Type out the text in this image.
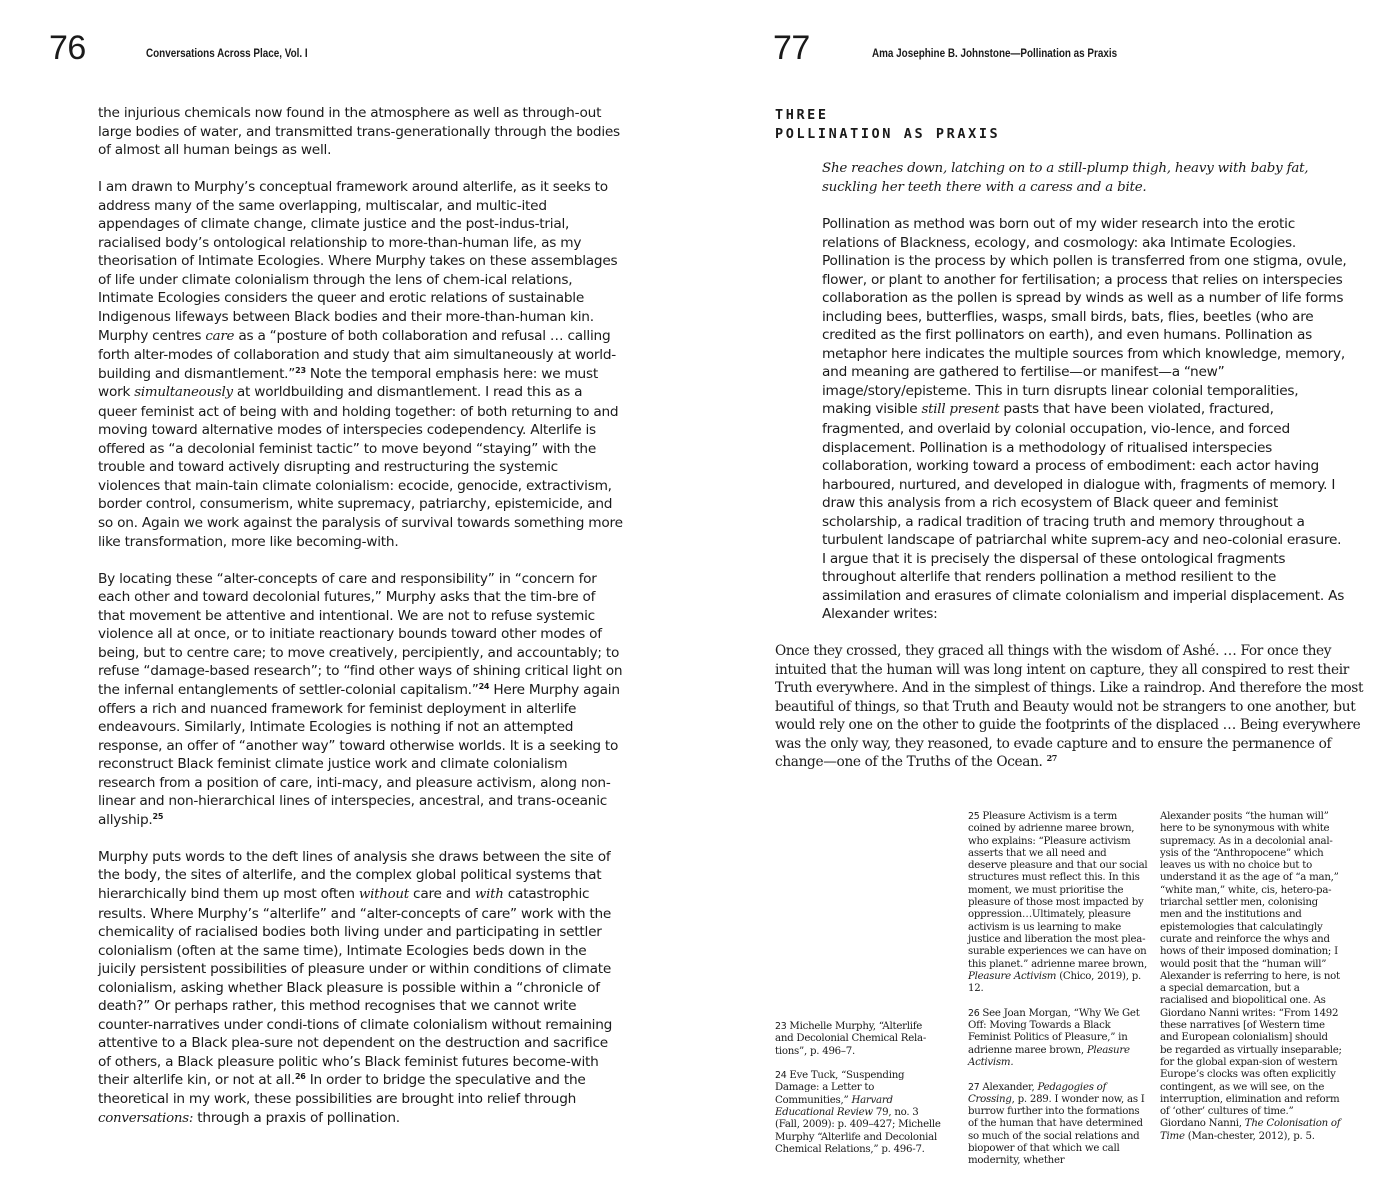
76	Conversations Across Place, Vol. I

the injurious chemicals now found in the atmosphere as well as through-out large bodies of water, and transmitted trans-generationally through the bodies of almost all human beings as well.

I am drawn to Murphy’s conceptual framework around alterlife, as it seeks to address many of the same overlapping, multiscalar, and multic-ited appendages of climate change, climate justice and the post-indus-trial, racialised body’s ontological relationship to more-than-human life, as my theorisation of Intimate Ecologies. Where Murphy takes on these assemblages of life under climate colonialism through the lens of chem-ical relations, Intimate Ecologies considers the queer and erotic relations of sustainable Indigenous lifeways between Black bodies and their more-than-human kin. Murphy centres care as a “posture of both collaboration and refusal … calling forth alter-modes of collaboration and study that aim simultaneously at world-building and dismantlement.”$^{23}$ Note the temporal emphasis here: we must work simultaneously at worldbuilding and dismantlement. I read this as a queer feminist act of being with and holding together: of both returning to and moving toward alternative modes of interspecies codependency. Alterlife is offered as “a decolonial feminist tactic” to move beyond “staying” with the trouble and toward actively disrupting and restructuring the systemic violences that main-tain climate colonialism: ecocide, genocide, extractivism, border control, consumerism, white supremacy, patriarchy, epistemicide, and so on. Again we work against the paralysis of survival towards something more like transformation, more like becoming-with.

By locating these “alter-concepts of care and responsibility” in “concern for each other and toward decolonial futures,” Murphy asks that the tim-bre of that movement be attentive and intentional. We are not to refuse systemic violence all at once, or to initiate reactionary bounds toward other modes of being, but to centre care; to move creatively, percipiently, and accountably; to refuse “damage-based research”; to “find other ways of shining critical light on the infernal entanglements of settler-colonial capitalism.”$^{24}$ Here Murphy again offers a rich and nuanced framework for feminist deployment in alterlife endeavours. Similarly, Intimate Ecologies is nothing if not an attempted response, an offer of “another way” toward otherwise worlds. It is a seeking to reconstruct Black feminist climate justice work and climate colonialism research from a position of care, inti-macy, and pleasure activism, along non-linear and non-hierarchical lines of interspecies, ancestral, and trans-oceanic allyship.$^{25}$

Murphy puts words to the deft lines of analysis she draws between the site of the body, the sites of alterlife, and the complex global political systems that hierarchically bind them up most often without care and with catastrophic results. Where Murphy’s “alterlife” and “alter-concepts of care” work with the chemicality of racialised bodies both living under and participating in settler colonialism (often at the same time), Intimate Ecologies beds down in the juicily persistent possibilities of pleasure under or within conditions of climate colonialism, asking whether Black pleasure is possible within a “chronicle of death?” Or perhaps rather, this method recognises that we cannot write counter-narratives under condi-tions of climate colonialism without remaining attentive to a Black plea-sure not dependent on the destruction and sacrifice of others, a Black pleasure politic who’s Black feminist futures become-with their alterlife kin, or not at all.$^{26}$ In order to bridge the speculative and the theoretical in my work, these possibilities are brought into relief through conversations: through a praxis of pollination.

77	Ama Josephine B. Johnstone—Pollination as Praxis
THREE
POLLINATION AS PRAXIS

She reaches down, latching on to a still-plump thigh, heavy with baby fat, suckling her teeth there with a caress and a bite.

Pollination as method was born out of my wider research into the erotic relations of Blackness, ecology, and cosmology: aka Intimate Ecologies. Pollination is the process by which pollen is transferred from one stigma, ovule, flower, or plant to another for fertilisation; a process that relies on interspecies collaboration as the pollen is spread by winds as well as a number of life forms including bees, butterflies, wasps, small birds, bats, flies, beetles (who are credited as the first pollinators on earth), and even humans. Pollination as metaphor here indicates the multiple sources from which knowledge, memory, and meaning are gathered to fertilise—or manifest—a “new” image/story/episteme. This in turn disrupts linear colonial temporalities, making visible still present pasts that have been violated, fractured, fragmented, and overlaid by colonial occupation, vio-lence, and forced displacement. Pollination is a methodology of ritualised interspecies collaboration, working toward a process of embodiment: each actor having harboured, nurtured, and developed in dialogue with, fragments of memory. I draw this analysis from a rich ecosystem of Black queer and feminist scholarship, a radical tradition of tracing truth and memory throughout a turbulent landscape of patriarchal white suprem-acy and neo-colonial erasure. I argue that it is precisely the dispersal of these ontological fragments throughout alterlife that renders pollination a method resilient to the assimilation and erasures of climate colonialism and imperial displacement. As Alexander writes:

Once they crossed, they graced all things with the wisdom of Ashé. … For once they intuited that the human will was long intent on capture, they all conspired to rest their Truth everywhere. And in the simplest of things. Like a raindrop. And therefore the most beautiful of things, so that Truth and Beauty would not be strangers to one another, but would rely one on the other to guide the footprints of the displaced … Being everywhere was the only way, they reasoned, to evade capture and to ensure the permanence of change—one of the Truths of the Ocean. $^{27}$

23 Michelle Murphy, “Alterlife and Decolonial Chemical Rela-tions”, p. 496–7.

24 Eve Tuck, “Suspending Damage: a Letter to Communities,” Harvard Educational Review 79, no. 3 (Fall, 2009): p. 409–427; Michelle Murphy “Alterlife and Decolonial Chemical Relations,” p. 496-7.

25 Pleasure Activism is a term coined by adrienne maree brown, who explains: “Pleasure activism asserts that we all need and deserve pleasure and that our social structures must reflect this. In this moment, we must prioritise the pleasure of those most impacted by oppression…Ultimately, pleasure activism is us learning to make justice and liberation the most plea-surable experiences we can have on this planet.” adrienne maree brown, Pleasure Activism (Chico, 2019), p. 12.

26 See Joan Morgan, “Why We Get Off: Moving Towards a Black Feminist Politics of Pleasure,” in adrienne maree brown, Pleasure Activism.

27 Alexander, Pedagogies of Crossing, p. 289. I wonder now, as I burrow further into the formations of the human that have determined so much of the social relations and biopower of that which we call modernity, whether

Alexander posits “the human will” here to be synonymous with white supremacy. As in a decolonial anal-ysis of the “Anthropocene” which leaves us with no choice but to understand it as the age of “a man,” “white man,” white, cis, hetero-pa-triarchal settler men, colonising men and the institutions and epistemologies that calculatingly curate and reinforce the whys and hows of their imposed domination; I would posit that the “human will” Alexander is referring to here, is not a special demarcation, but a racialised and biopolitical one. As Giordano Nanni writes: “From 1492 these narratives [of Western time and European colonialism] should be regarded as virtually inseparable; for the global expan-sion of western Europe’s clocks was often explicitly contingent, as we will see, on the interruption, elimination and reform of ‘other’ cultures of time.” Giordano Nanni, The Colonisation of Time (Man-chester, 2012), p. 5.
